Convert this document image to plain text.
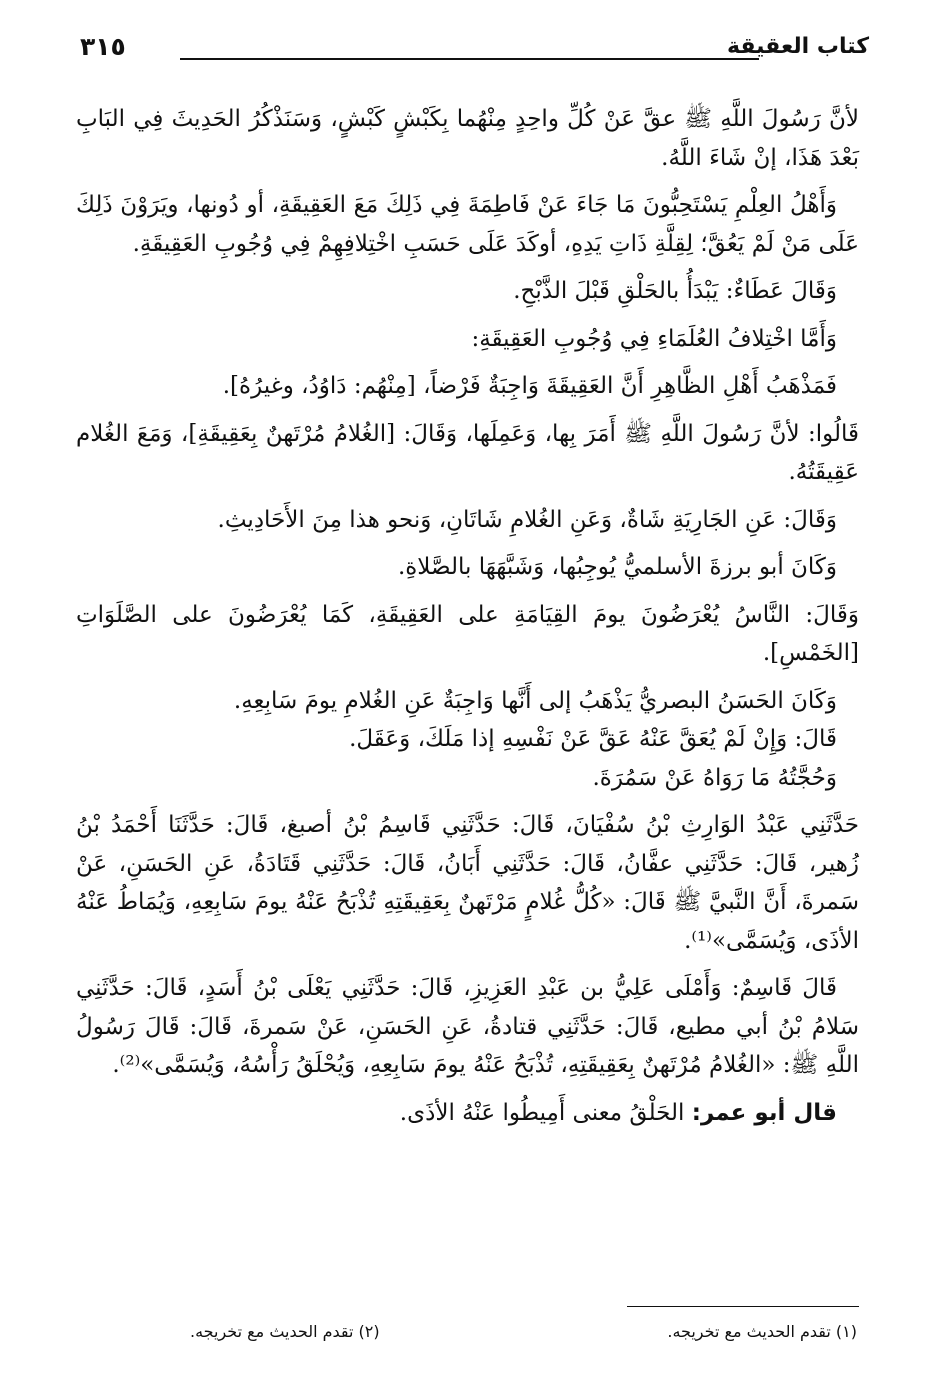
كتاب العقيقة
٣١٥

لأنَّ رَسُولَ اللَّهِ ﷺ عقَّ عَنْ كُلِّ واحِدٍ مِنْهُما بِكَبْشٍ كَبْشٍ، وَسَنَذْكُرُ الحَدِيثَ فِي البَابِ بَعْدَ هَذَا، إنْ شَاءَ اللَّهُ.

وَأَهْلُ العِلْمِ يَسْتَحِبُّونَ مَا جَاءَ عَنْ فَاطِمَةَ فِي ذَلِكَ مَعَ العَقِيقَةِ، أو دُونها، ويَرَوْنَ ذَلِكَ عَلَى مَنْ لَمْ يَعُقَّ؛ لِقِلَّةِ ذَاتِ يَدِهِ، أوكَدَ عَلَى حَسَبِ اخْتِلافِهِمْ فِي وُجُوبِ العَقِيقَةِ.

وَقَالَ عَطَاءٌ: يَبْدَأُ بالحَلْقِ قَبْلَ الذَّبْحِ.

وَأَمَّا اخْتِلافُ العُلَمَاءِ فِي وُجُوبِ العَقِيقَةِ:

فَمَذْهَبُ أَهْلِ الظَّاهِرِ أَنَّ العَقِيقَةَ وَاجِبَةٌ فَرْضاً، [مِنْهُم: دَاوُدُ، وغيرُهُ].

قَالُوا: لأنَّ رَسُولَ اللَّهِ ﷺ أَمَرَ بِها، وَعَمِلَها، وَقَالَ: [الغُلامُ مُرْتَهنٌ بِعَقِيقَةِ]، وَمَعَ الغُلام عَقِيقَتُهُ.

وَقَالَ: عَنِ الجَارِيَةِ شَاةٌ، وَعَنِ الغُلامِ شَاتَانِ، وَنحو هذا مِنَ الأَحَادِيثِ.

وَكَانَ أبو برزةَ الأسلميُّ يُوجِبُها، وَشَبَّهَهَا بالصَّلاةِ.

وَقَالَ: النَّاسُ يُعْرَضُونَ يومَ القِيَامَةِ على العَقِيقَةِ، كَمَا يُعْرَضُونَ على الصَّلَوَاتِ [الخَمْسِ].

وَكَانَ الحَسَنُ البصريُّ يَذْهَبُ إلى أَنَّها وَاجِبَةٌ عَنِ الغُلامِ يومَ سَابِعِهِ.

قَالَ: وَإِنْ لَمْ يُعَقَّ عَنْهُ عَقَّ عَنْ نَفْسِهِ إذا مَلَكَ، وَعَقَلَ.

وَحُجَّتُهُ مَا رَوَاهُ عَنْ سَمُرَةَ.

حَدَّثَنِي عَبْدُ الوَارِثِ بْنُ سُفْيَانَ، قَالَ: حَدَّثَنِي قَاسِمُ بْنُ أصبغ، قَالَ: حَدَّثَنَا أَحْمَدُ بْنُ زُهير، قَالَ: حَدَّثَنِي عفَّانُ، قَالَ: حَدَّثَنِي أَبَانُ، قَالَ: حَدَّثَنِي قَتَادَةُ، عَنِ الحَسَنِ، عَنْ سَمرةَ، أَنَّ النَّبيَّ ﷺ قَالَ: «كُلُّ غُلامٍ مَرْتَهنٌ بِعَقِيقَتِهِ تُذْبَحُ عَنْهُ يومَ سَابِعِهِ، وَيُمَاطُ عَنْهُ الأذَى، وَيُسَمَّى»⁽¹⁾.

قَالَ قَاسِمٌ: وَأَمْلَى عَلِيُّ بن عَبْدِ العَزِيزِ، قَالَ: حَدَّثَنِي يَعْلَى بْنُ أَسَدٍ، قَالَ: حَدَّثَنِي سَلامُ بْنُ أبي مطيع، قَالَ: حَدَّثَنِي قتادةُ، عَنِ الحَسَنِ، عَنْ سَمرةَ، قَالَ: قَالَ رَسُولُ اللَّهِ ﷺ: «الغُلامُ مُرْتَهنٌ بِعَقِيقَتِهِ، تُذْبَحُ عَنْهُ يومَ سَابِعِهِ، وَيُحْلَقُ رَأْسُهُ، وَيُسَمَّى»⁽²⁾.

قال أبو عمر: الحَلْقُ معنى أَمِيطُوا عَنْهُ الأذَى.

(١) تقدم الحديث مع تخريجه.
(٢) تقدم الحديث مع تخريجه.
